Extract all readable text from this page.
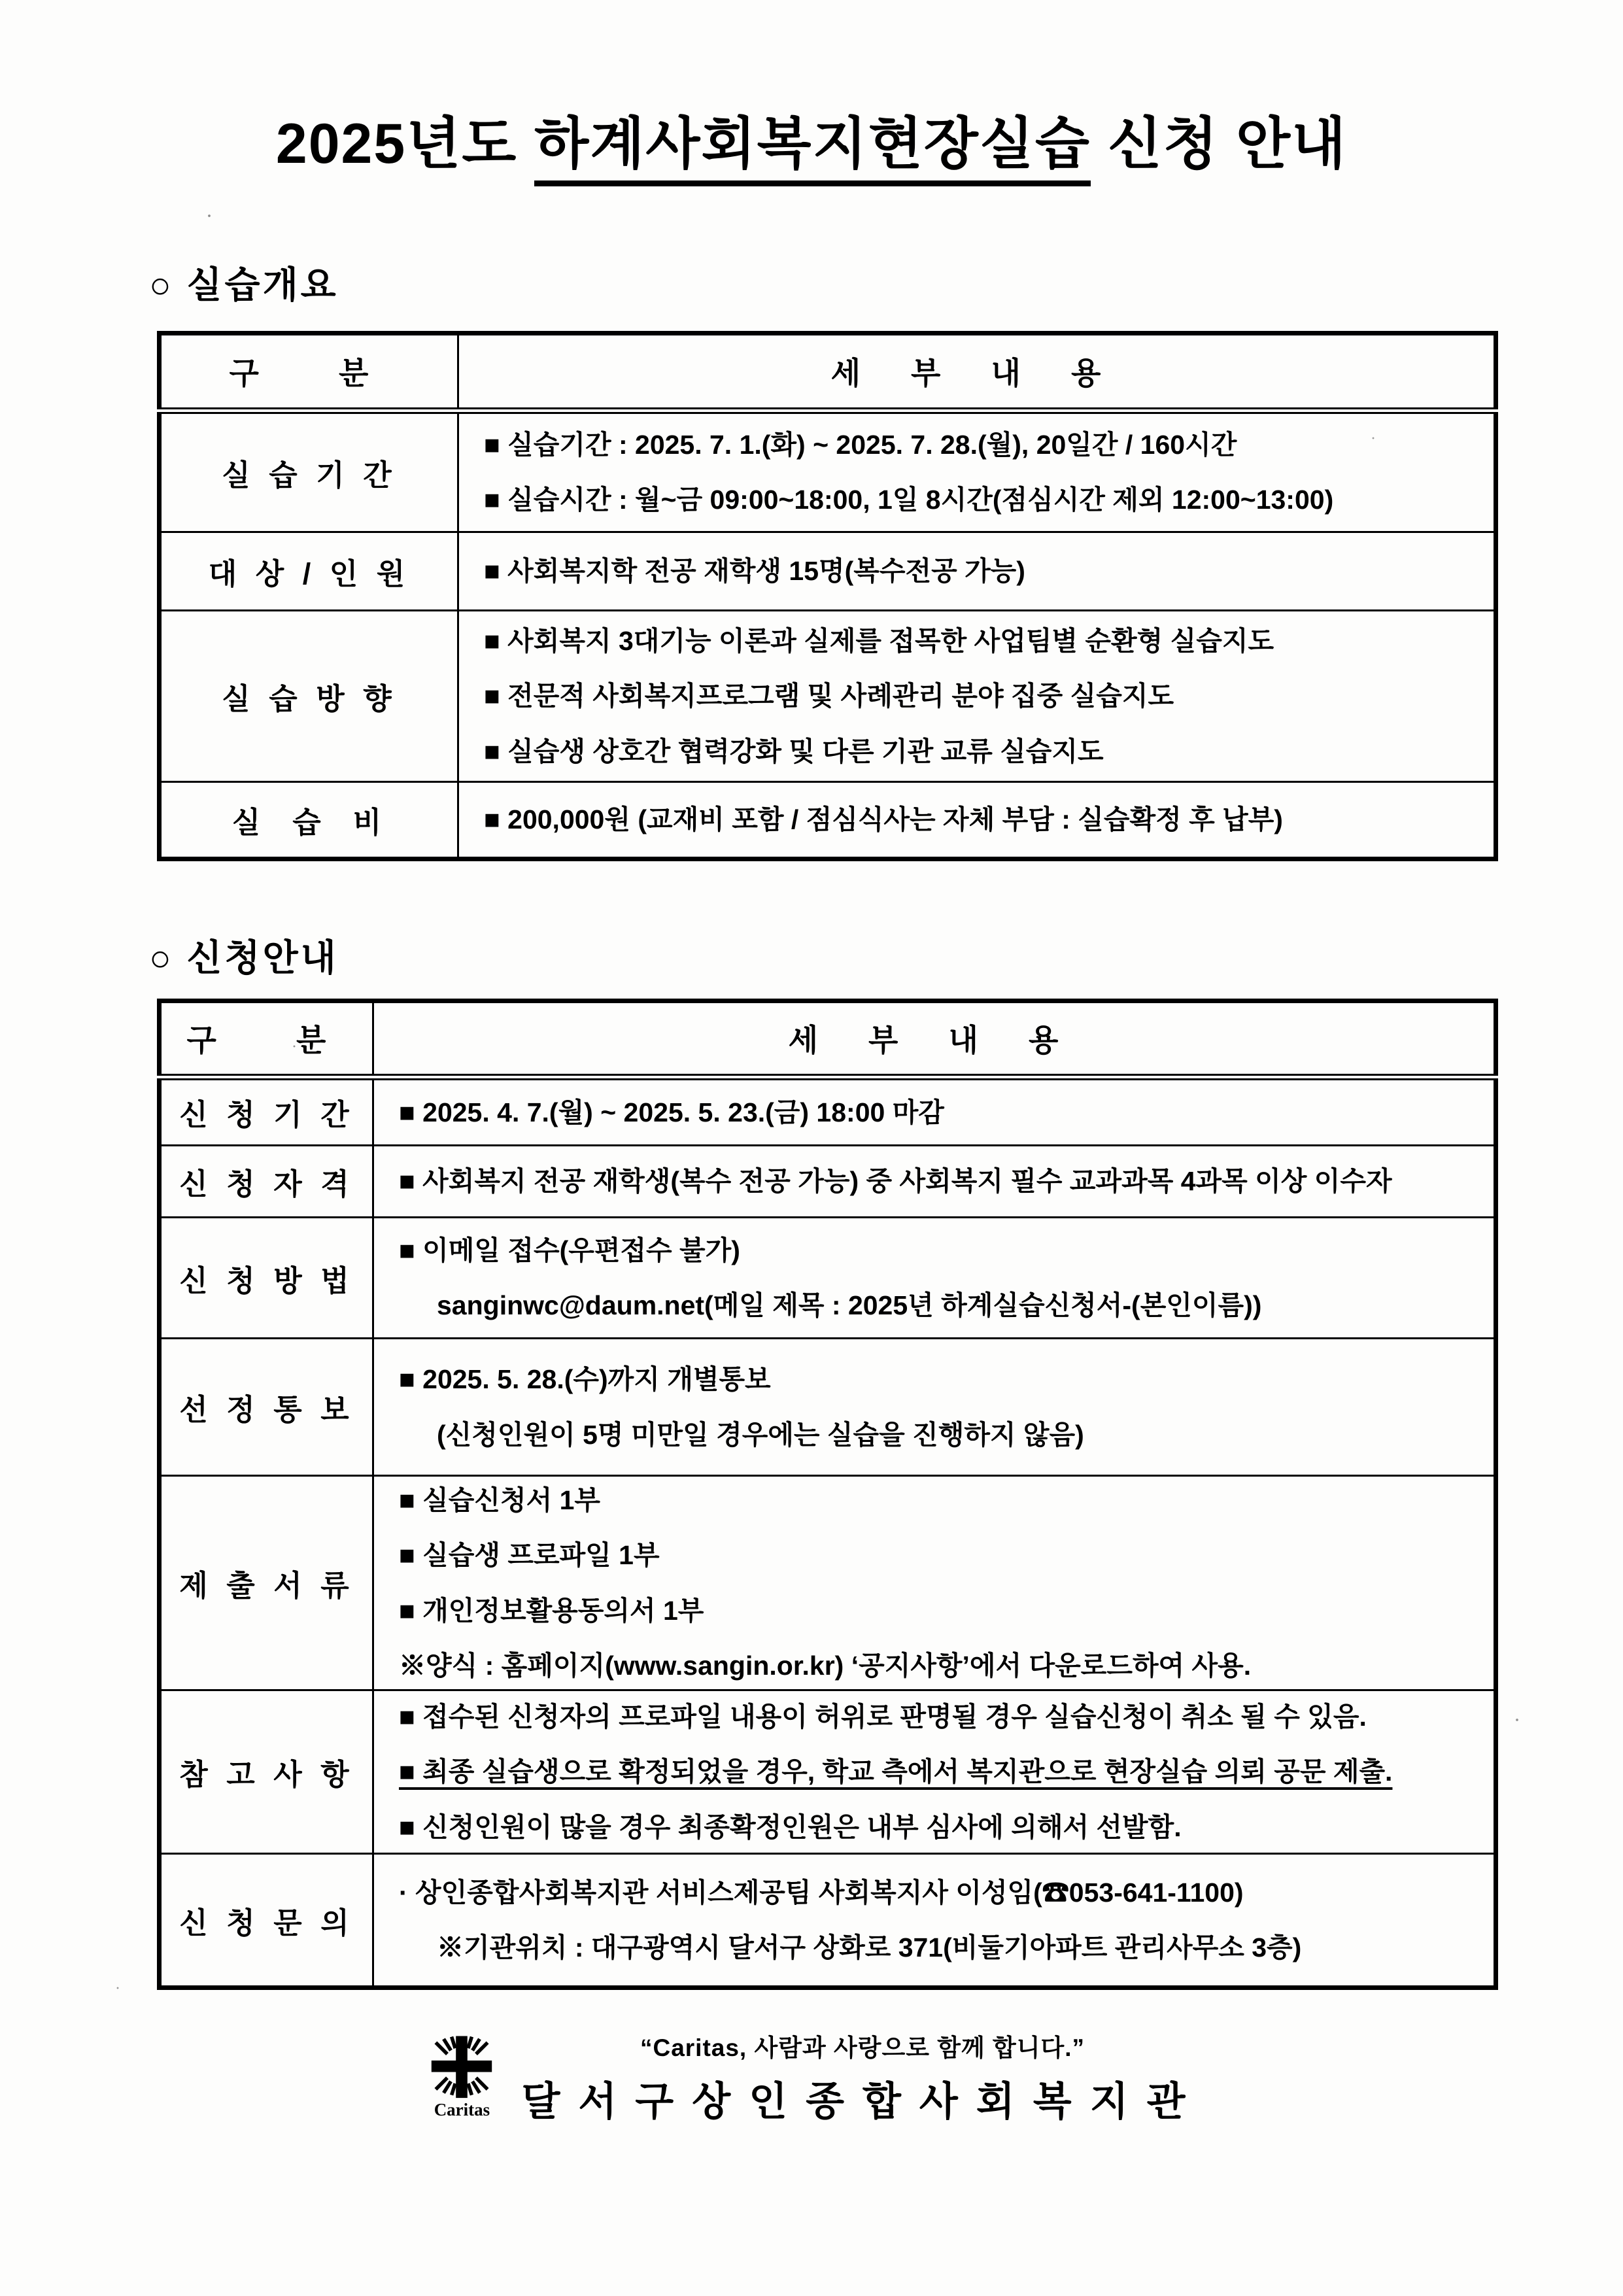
2025년도 하계사회복지현장실습 신청 안내
○ 실습개요
구  분	세 부 내 용
실 습 기 간	■ 실습기간 : 2025. 7. 1.(화) ~ 2025. 7. 28.(월), 20일간 / 160시간
■ 실습시간 : 월~금 09:00~18:00, 1일 8시간(점심시간 제외 12:00~13:00)

대 상 / 인 원	■ 사회복지학 전공 재학생 15명(복수전공 가능)

실 습 방 향	■ 사회복지 3대기능 이론과 실제를 접목한 사업팀별 순환형 실습지도
■ 전문적 사회복지프로그램 및 사례관리 분야 집중 실습지도
■ 실습생 상호간 협력강화 및 다른 기관 교류 실습지도

실  습  비	■ 200,000원 (교재비 포함 / 점심식사는 자체 부담 : 실습확정 후 납부)
○ 신청안내
구  분	세 부 내 용
신 청 기 간	■ 2025. 4. 7.(월) ~ 2025. 5. 23.(금) 18:00 마감

신 청 자 격	■ 사회복지 전공 재학생(복수 전공 가능) 중 사회복지 필수 교과과목 4과목 이상 이수자

신 청 방 법	■ 이메일 접수(우편접수 불가)
sanginwc@daum.net(메일 제목 : 2025년 하계실습신청서-(본인이름))

선 정 통 보	■ 2025. 5. 28.(수)까지 개별통보
(신청인원이 5명 미만일 경우에는 실습을 진행하지 않음)

제 출 서 류	■ 실습신청서 1부
■ 실습생 프로파일 1부
■ 개인정보활용동의서 1부
※양식 : 홈페이지(www.sangin.or.kr) ‘공지사항’에서 다운로드하여 사용.

참 고 사 항	■ 접수된 신청자의 프로파일 내용이 허위로 판명될 경우 실습신청이 취소 될 수 있음.
■ 최종 실습생으로 확정되었을 경우, 학교 측에서 복지관으로 현장실습 의뢰 공문 제출.
■ 신청인원이 많을 경우 최종확정인원은 내부 심사에 의해서 선발함.

신 청 문 의	· 상인종합사회복지관 서비스제공팀 사회복지사 이성임(☎053-641-1100)
※기관위치 : 대구광역시 달서구 상화로 371(비둘기아파트 관리사무소 3층)
Caritas
“Caritas, 사람과 사랑으로 함께 합니다.”
달서구상인종합사회복지관
